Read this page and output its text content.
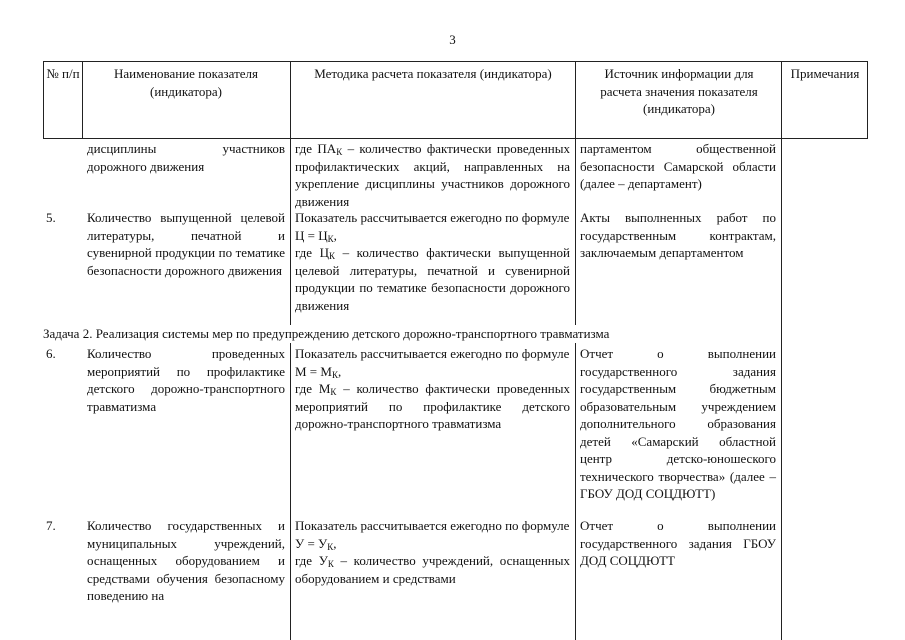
3
№ п/п	Наименование показателя (индикатора)
Методика расчета показателя (индикатора)	Источник информации для расчета значения показателя (индикатора)
Примечания
дисциплины участников дорожного движения
где $ПА_К$ – количество фактически проведенных профилактических акций, направленных на укрепление дисциплины участников дорожного движения
партаментом общественной безопасности Самарской области (далее – департамент)
5. Количество выпущенной целевой литературы, печатной и сувенирной продукции по тематике безопасности дорожного движения
Показатель рассчитывается ежегодно по формуле
$Ц = Ц_К$,
где $Ц_К$ – количество фактически выпущенной целевой литературы, печатной и сувенирной продукции по тематике безопасности дорожного движения
Акты выполненных работ по государственным контрактам, заключаемым департаментом
Задача 2. Реализация системы мер по предупреждению детского дорожно-транспортного травматизма
6. Количество проведенных мероприятий по профилактике детского дорожно-транспортного травматизма
Показатель рассчитывается ежегодно по формуле
$М = М_К$,
где $М_К$ – количество фактически проведенных мероприятий по профилактике детского дорожно-транспортного травматизма
Отчет о выполнении государственного задания государственным бюджетным образовательным учреждением дополнительного образования детей «Самарский областной центр детско-юношеского технического творчества» (далее – ГБОУ ДОД СОЦДЮТТ)
7. Количество государственных и муниципальных учреждений, оснащенных оборудованием и средствами обучения безопасному поведению на
Показатель рассчитывается ежегодно по формуле
$У = У_К$,
где $У_К$ – количество учреждений, оснащенных оборудованием и средствами
Отчет о выполнении государственного задания ГБОУ ДОД СОЦДЮТТ
